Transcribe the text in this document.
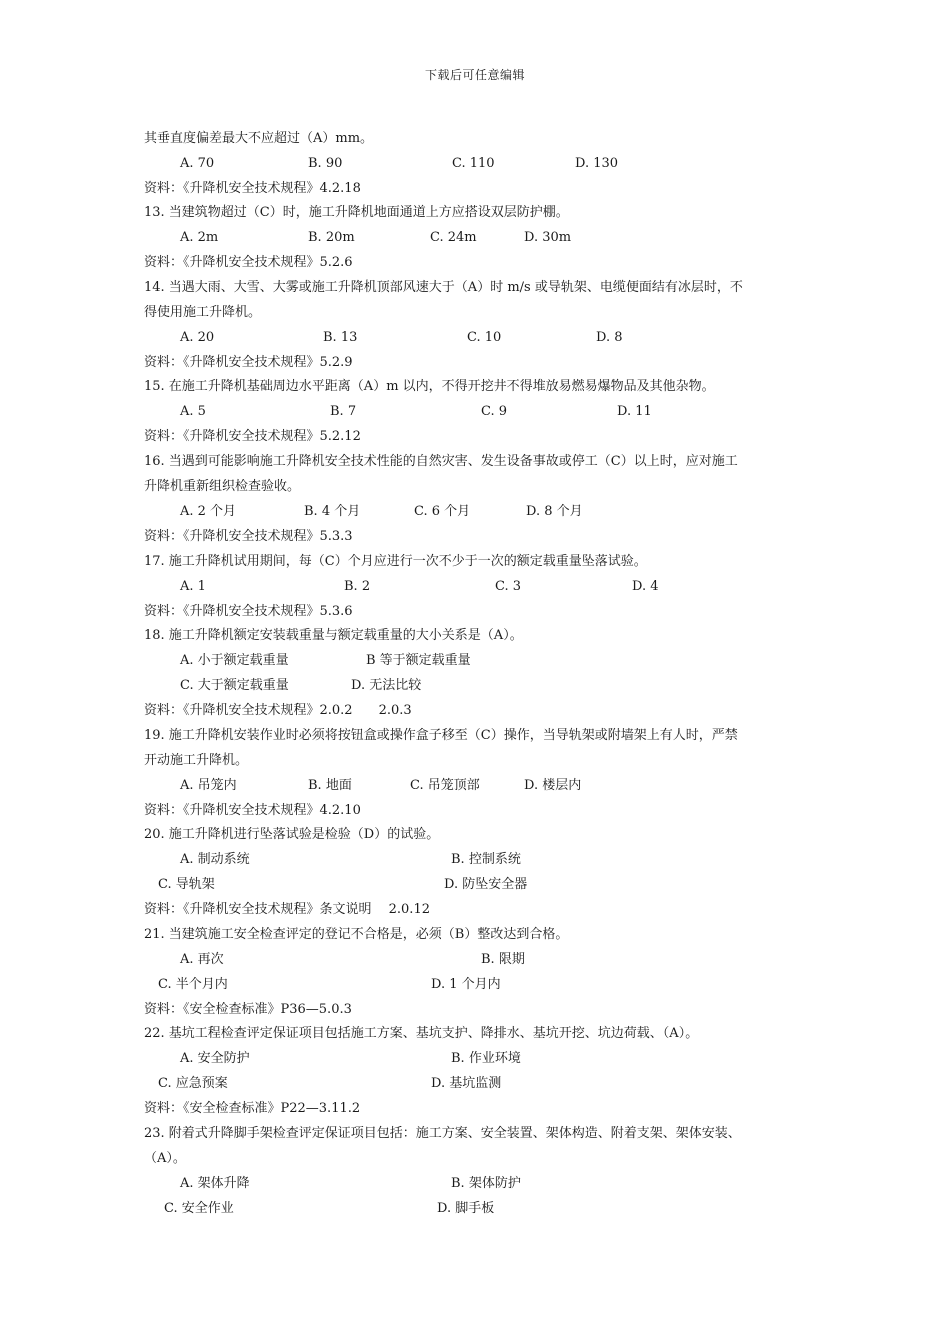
下载后可任意编辑
其垂直度偏差最大不应超过（A）mm。
A. 70	B. 90	C. 110	D. 130
资料：《升降机安全技术规程》4.2.18
13. 当建筑物超过（C）时，施工升降机地面通道上方应搭设双层防护棚。
A. 2m	B. 20m	C. 24m	D. 30m
资料：《升降机安全技术规程》5.2.6
14. 当遇大雨、大雪、大雾或施工升降机顶部风速大于（A）时 m/s 或导轨架、电缆便面结有冰层时，不
得使用施工升降机。
A. 20	B. 13	C. 10	D. 8
资料：《升降机安全技术规程》5.2.9
15. 在施工升降机基础周边水平距离（A）m 以内，不得开挖井不得堆放易燃易爆物品及其他杂物。
A. 5	B. 7	C. 9	D. 11
资料：《升降机安全技术规程》5.2.12
16. 当遇到可能影响施工升降机安全技术性能的自然灾害、发生设备事故或停工（C）以上时，应对施工
升降机重新组织检查验收。
A. 2 个月	B. 4 个月	C. 6 个月	D. 8 个月
资料：《升降机安全技术规程》5.3.3
17. 施工升降机试用期间，每（C）个月应进行一次不少于一次的额定载重量坠落试验。
A. 1	B. 2	C. 3	D. 4
资料：《升降机安全技术规程》5.3.6
18. 施工升降机额定安装载重量与额定载重量的大小关系是（A）。
A. 小于额定载重量	B 等于额定载重量
C. 大于额定载重量	D. 无法比较
资料：《升降机安全技术规程》2.0.2　　2.0.3
19. 施工升降机安装作业时必须将按钮盒或操作盒子移至（C）操作，当导轨架或附墙架上有人时，严禁
开动施工升降机。
A. 吊笼内	B. 地面	C. 吊笼顶部	D. 楼层内
资料：《升降机安全技术规程》4.2.10
20. 施工升降机进行坠落试验是检验（D）的试验。
A. 制动系统	B. 控制系统
C. 导轨架	D. 防坠安全器
资料：《升降机安全技术规程》条文说明　 2.0.12
21. 当建筑施工安全检查评定的登记不合格是，必须（B）整改达到合格。
A. 再次	B. 限期
C. 半个月内	D. 1 个月内
资料：《安全检查标准》P36—5.0.3
22. 基坑工程检查评定保证项目包括施工方案、基坑支护、降排水、基坑开挖、坑边荷载、（A）。
A. 安全防护	B. 作业环境
C. 应急预案	D. 基坑监测
资料：《安全检查标准》P22—3.11.2
23. 附着式升降脚手架检查评定保证项目包括：施工方案、安全装置、架体构造、附着支架、架体安装、
（A）。
A. 架体升降	B. 架体防护
C. 安全作业	D. 脚手板
